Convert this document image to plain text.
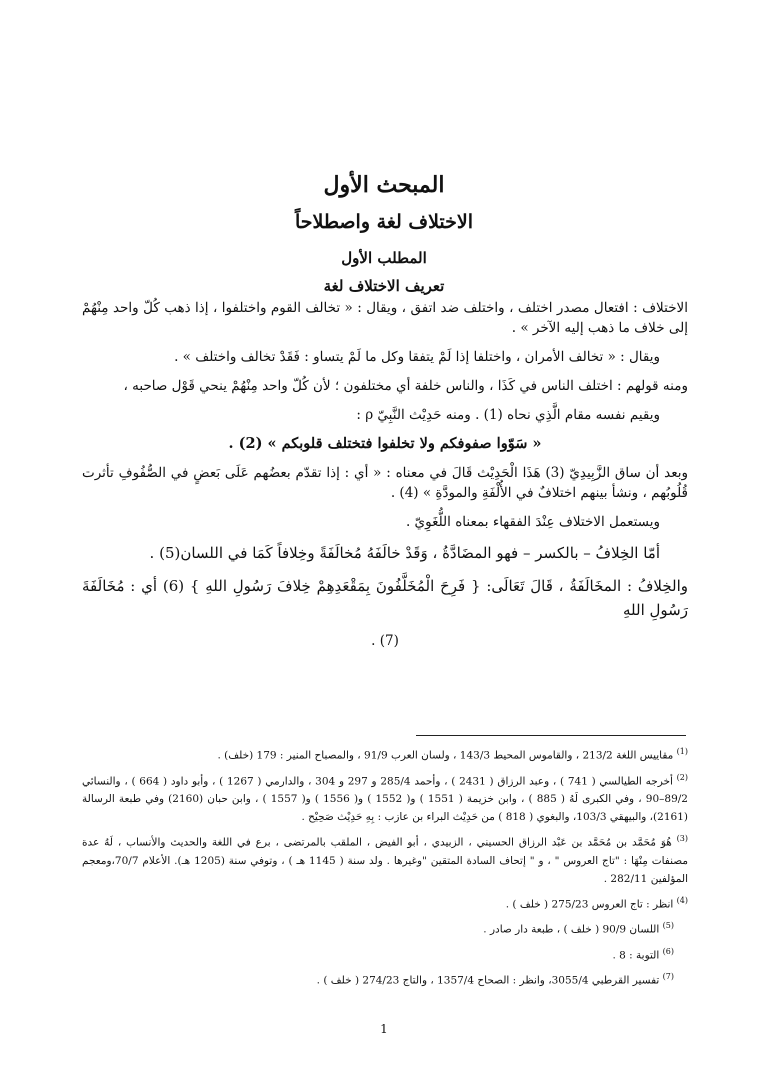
المبحث الأول
الاختلاف لغة واصطلاحاً
المطلب الأول
تعريف الاختلاف لغة

الاختلاف : افتعال مصدر اختلف ، واختلف ضد اتفق ، ويقال : « تخالف القوم واختلفوا ، إذا ذهب كُلّ واحد مِنْهُمْ إلى خلاف ما ذهب إليه الآخر » .

ويقال : « تخالف الأمران ، واختلفا إذا لَمْ يتفقا وكل ما لَمْ يتساو : فَقَدْ تخالف واختلف » .

ومنه قولهم : اختلف الناس في كَذَا ، والناس خلفة أي مختلفون ؛ لأن كُلّ واحد مِنْهُمْ ينحي قَوْل صاحبه ،

ويقيم نفسه مقام الَّذِي نحاه (1) . ومنه حَدِيْث النَّبِيّ ρ :

« سَوّوا صفوفكم ولا تخلفوا فتختلف قلوبكم » (2) .

وبعد أن ساق الزَّبِيدِيّ (3) هَذَا الْحَدِيْث قَالَ في معناه : « أي : إذا تقدّم بعضُهم عَلَى بَعضٍ في الصُّفُوفِ تأثرت قُلُوبُهم ، ونشأ بينهم اختلافٌ في الأُلْفَةِ والمودَّةِ » (4) .

ويستعمل الاختلاف عِنْدَ الفقهاء بمعناه اللُّغَوِيّ .

أمّا الخِلافُ – بالكسر – فهو المضَادَّةُ ، وَقَدْ خالَفَهُ مُخالَفَةً وخِلافاً كَمَا في اللسان(5) .

والخِلافُ : المخَالَفَةُ ، قَالَ تَعَالَى: { فَرِحَ الْمُخَلَّفُونَ بِمَقْعَدِهِمْ خِلافَ رَسُولِ اللهِ } (6) أي : مُخَالَفَةَ رَسُولِ اللهِ

(7) .

$^{(1)}$ مقاييس اللغة 213/2 ، والقاموس المحيط 143/3 ، ولسان العرب 91/9 ، والمصباح المنير : 179 (خلف) .
$^{(2)}$ أخرجه الطيالسي ( 741 ) ، وعبد الرزاق ( 2431 ) ، وأحمد 285/4 و 297 و 304 ، والدارمي ( 1267 ) ، وأبو داود ( 664 ) ، والنسائي 89/2–90 ، وفي الكبرى لَهُ ( 885 ) ، وابن خزيمة ( 1551 ) و( 1552 ) و( 1556 ) و( 1557 ) ، وابن حبان (2160) وفي طبعة الرسالة (2161)، والبيهقي 103/3، والبغوي ( 818 ) من حَدِيْث البراء بن عازب : بِهِ حَدِيْث صَحِيْح .
$^{(3)}$ هُوَ مُحَمَّد بن مُحَمَّد بن عَبْد الرزاق الحسيني ، الزبيدي ، أبو الفيض ، الملقب بالمرتضى ، برع في اللغة والحديث والأنساب ، لَهُ عدة مصنفات مِنْهَا : "تاج العروس " ، و " إتحاف السادة المتقين "وغيرها . ولد سنة ( 1145 هـ ) ، وتوفي سنة (1205 هـ). الأعلام 70/7،ومعجم المؤلفين 282/11 .
$^{(4)}$ انظر : تاج العروس 275/23 ( خلف ) .
$^{(5)}$ اللسان 90/9 ( خلف ) ، طبعة دار صادر .
$^{(6)}$ التوبة : 8 .
$^{(7)}$ تفسير القرطبي 3055/4، وانظر : الصحاح 1357/4 ، والتاج 274/23 ( خلف ) .
1
